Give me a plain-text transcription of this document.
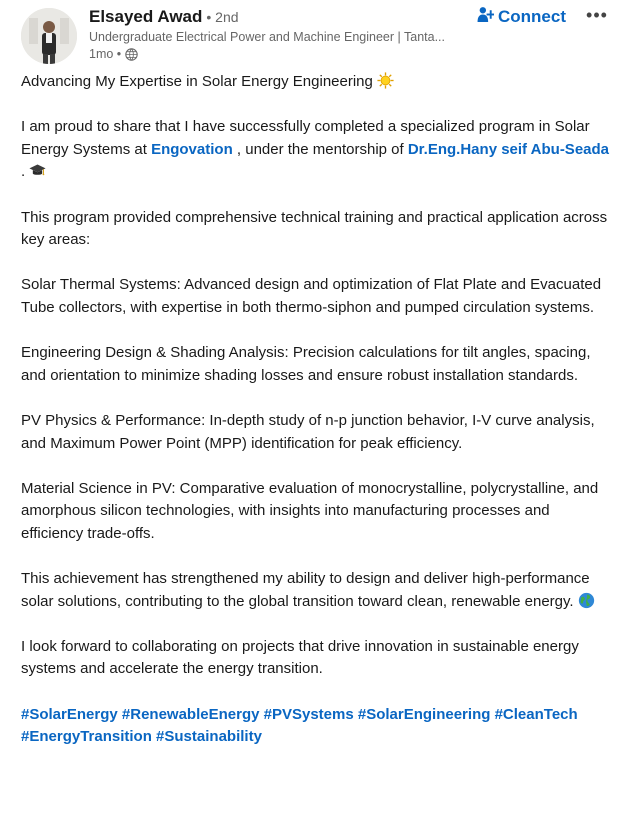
Elsayed Awad • 2nd
Undergraduate Electrical Power and Machine Engineer | Tanta...
1mo •
Connect •••

Advancing My Expertise in Solar Energy Engineering

I am proud to share that I have successfully completed a specialized program in Solar Energy Systems at Engovation , under the mentorship of Dr.Eng.Hany seif Abu-Seada .

This program provided comprehensive technical training and practical application across key areas:

Solar Thermal Systems: Advanced design and optimization of Flat Plate and Evacuated Tube collectors, with expertise in both thermo-siphon and pumped circulation systems.

Engineering Design & Shading Analysis: Precision calculations for tilt angles, spacing, and orientation to minimize shading losses and ensure robust installation standards.

PV Physics & Performance: In-depth study of n-p junction behavior, I-V curve analysis, and Maximum Power Point (MPP) identification for peak efficiency.

Material Science in PV: Comparative evaluation of monocrystalline, polycrystalline, and amorphous silicon technologies, with insights into manufacturing processes and efficiency trade-offs.

This achievement has strengthened my ability to design and deliver high-performance solar solutions, contributing to the global transition toward clean, renewable energy.

I look forward to collaborating on projects that drive innovation in sustainable energy systems and accelerate the energy transition.

#SolarEnergy #RenewableEnergy #PVSystems #SolarEngineering #CleanTech #EnergyTransition #Sustainability
